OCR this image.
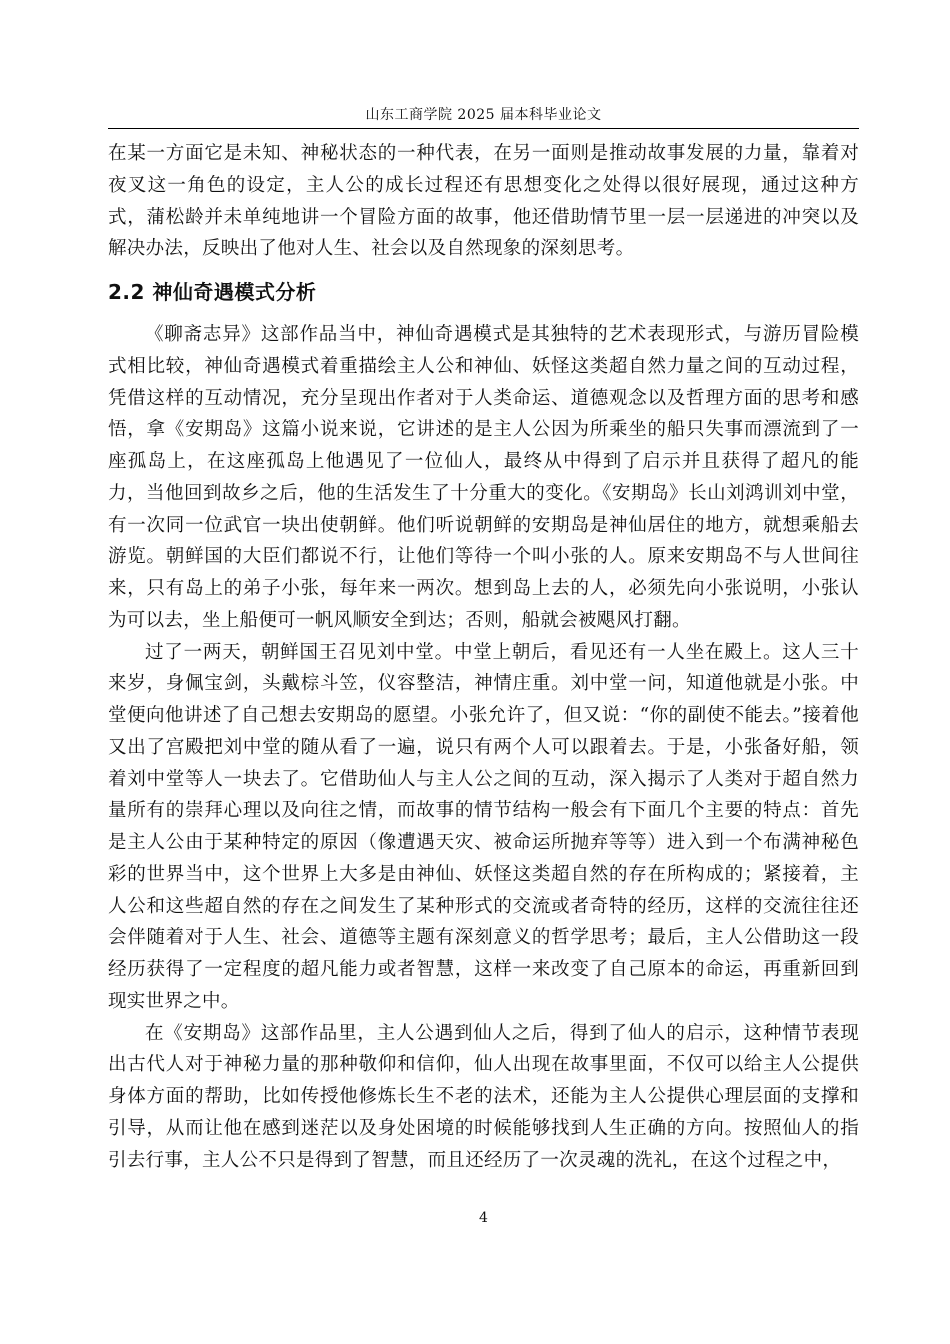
山东工商学院 2025 届本科毕业论文

在某一方面它是未知、神秘状态的一种代表，在另一面则是推动故事发展的力量，靠着对夜叉这一角色的设定，主人公的成长过程还有思想变化之处得以很好展现，通过这种方式，蒲松龄并未单纯地讲一个冒险方面的故事，他还借助情节里一层一层递进的冲突以及解决办法，反映出了他对人生、社会以及自然现象的深刻思考。

2.2 神仙奇遇模式分析

《聊斋志异》这部作品当中，神仙奇遇模式是其独特的艺术表现形式，与游历冒险模式相比较，神仙奇遇模式着重描绘主人公和神仙、妖怪这类超自然力量之间的互动过程，凭借这样的互动情况，充分呈现出作者对于人类命运、道德观念以及哲理方面的思考和感悟，拿《安期岛》这篇小说来说，它讲述的是主人公因为所乘坐的船只失事而漂流到了一座孤岛上，在这座孤岛上他遇见了一位仙人，最终从中得到了启示并且获得了超凡的能力，当他回到故乡之后，他的生活发生了十分重大的变化。《安期岛》长山刘鸿训刘中堂，有一次同一位武官一块出使朝鲜。他们听说朝鲜的安期岛是神仙居住的地方，就想乘船去游览。朝鲜国的大臣们都说不行，让他们等待一个叫小张的人。原来安期岛不与人世间往来，只有岛上的弟子小张，每年来一两次。想到岛上去的人，必须先向小张说明，小张认为可以去，坐上船便可一帆风顺安全到达；否则，船就会被飓风打翻。

过了一两天，朝鲜国王召见刘中堂。中堂上朝后，看见还有一人坐在殿上。这人三十来岁，身佩宝剑，头戴棕斗笠，仪容整洁，神情庄重。刘中堂一问，知道他就是小张。中堂便向他讲述了自己想去安期岛的愿望。小张允许了，但又说：“你的副使不能去。”接着他又出了宫殿把刘中堂的随从看了一遍，说只有两个人可以跟着去。于是，小张备好船，领着刘中堂等人一块去了。它借助仙人与主人公之间的互动，深入揭示了人类对于超自然力量所有的崇拜心理以及向往之情，而故事的情节结构一般会有下面几个主要的特点：首先是主人公由于某种特定的原因（像遭遇天灾、被命运所抛弃等等）进入到一个布满神秘色彩的世界当中，这个世界上大多是由神仙、妖怪这类超自然的存在所构成的；紧接着，主人公和这些超自然的存在之间发生了某种形式的交流或者奇特的经历，这样的交流往往还会伴随着对于人生、社会、道德等主题有深刻意义的哲学思考；最后，主人公借助这一段经历获得了一定程度的超凡能力或者智慧，这样一来改变了自己原本的命运，再重新回到现实世界之中。

在《安期岛》这部作品里，主人公遇到仙人之后，得到了仙人的启示，这种情节表现出古代人对于神秘力量的那种敬仰和信仰，仙人出现在故事里面，不仅可以给主人公提供身体方面的帮助，比如传授他修炼长生不老的法术，还能为主人公提供心理层面的支撑和引导，从而让他在感到迷茫以及身处困境的时候能够找到人生正确的方向。按照仙人的指引去行事，主人公不只是得到了智慧，而且还经历了一次灵魂的洗礼，在这个过程之中，

4
